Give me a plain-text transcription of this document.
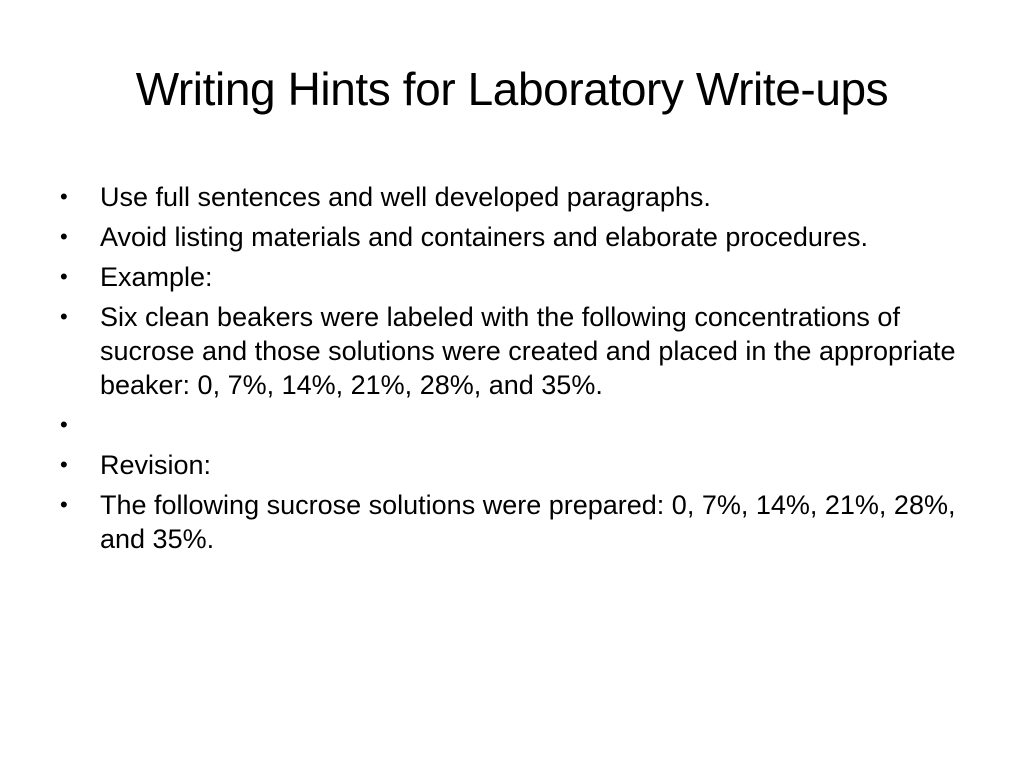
Writing Hints for Laboratory Write-ups
•	Use full sentences and well developed paragraphs.
•	Avoid listing materials and containers and elaborate procedures.
•	Example:
•	Six clean beakers were labeled with the following concentrations of sucrose and those solutions were created and placed in the appropriate beaker: 0, 7%, 14%, 21%, 28%, and 35%.
•
•	Revision:
•	The following sucrose solutions were prepared: 0, 7%, 14%, 21%, 28%, and 35%.
